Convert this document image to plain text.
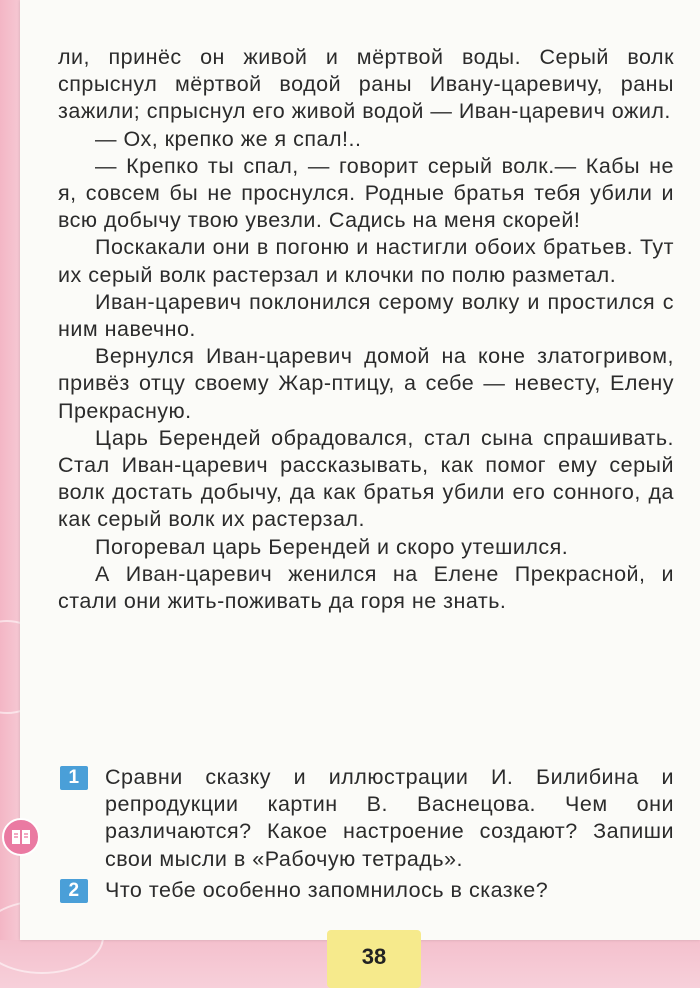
ли, принёс он живой и мёртвой воды. Серый волк спрыснул мёртвой водой раны Ивану-царевичу, раны зажили; спрыснул его живой водой — Иван-царевич ожил.

— Ох, крепко же я спал!..

— Крепко ты спал, — говорит серый волк.— Кабы не я, совсем бы не проснулся. Родные братья тебя убили и всю добычу твою увезли. Садись на меня скорей!

Поскакали они в погоню и настигли обоих братьев. Тут их серый волк растерзал и клочки по полю разметал.

Иван-царевич поклонился серому волку и простился с ним навечно.

Вернулся Иван-царевич домой на коне златогривом, привёз отцу своему Жар-птицу, а себе — невесту, Елену Прекрасную.

Царь Берендей обрадовался, стал сына спрашивать. Стал Иван-царевич рассказывать, как помог ему серый волк достать добычу, да как братья убили его сонного, да как серый волк их растерзал.

Погоревал царь Берендей и скоро утешился.

А Иван-царевич женился на Елене Прекрасной, и стали они жить-поживать да горя не знать.

1	Сравни сказку и иллюстрации И. Билибина и репродукции картин В. Васнецова. Чем они различаются? Какое настроение создают? Запиши свои мысли в «Рабочую тетрадь».
2	Что тебе особенно запомнилось в сказке?
38
